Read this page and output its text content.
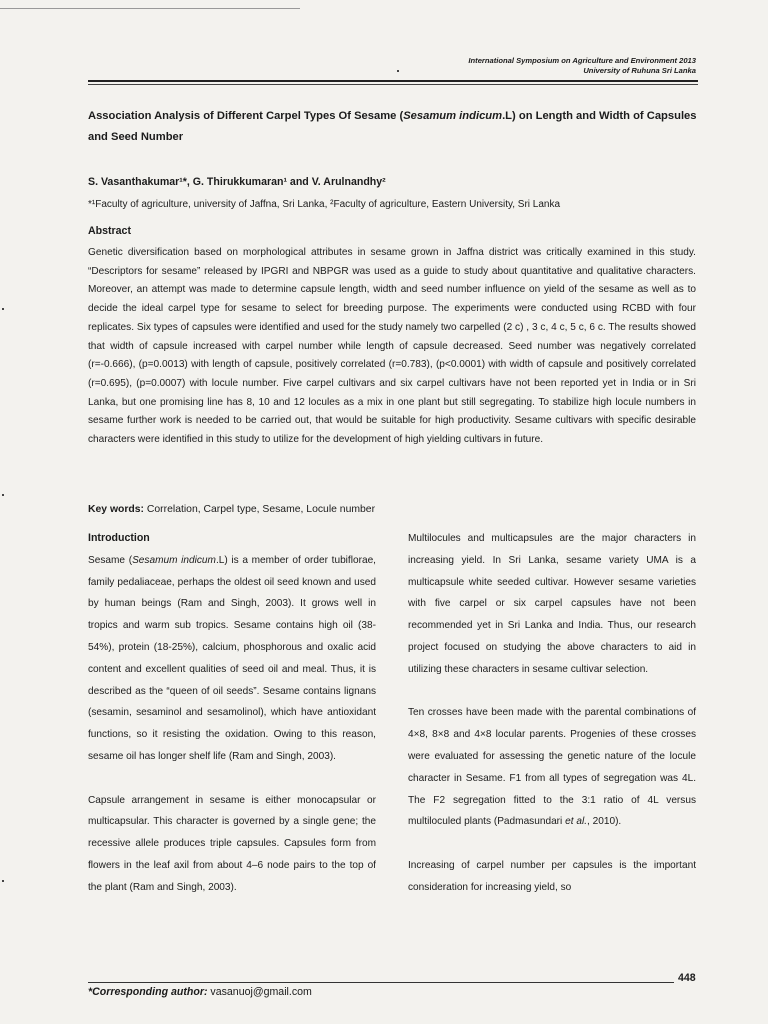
International Symposium on Agriculture and Environment 2013
University of Ruhuna Sri Lanka
Association Analysis of Different Carpel Types Of Sesame (Sesamum indicum.L) on Length and Width of Capsules and Seed Number
S. Vasanthakumar¹*, G. Thirukkumaran¹ and V. Arulnandhy²
*¹Faculty of agriculture, university of Jaffna, Sri Lanka, ²Faculty of agriculture, Eastern University, Sri Lanka
Abstract
Genetic diversification based on morphological attributes in sesame grown in Jaffna district was critically examined in this study. “Descriptors for sesame” released by IPGRI and NBPGR was used as a guide to study about quantitative and qualitative characters. Moreover, an attempt was made to determine capsule length, width and seed number influence on yield of the sesame as well as to decide the ideal carpel type for sesame to select for breeding purpose. The experiments were conducted using RCBD with four replicates. Six types of capsules were identified and used for the study namely two carpelled (2 c) , 3 c, 4 c, 5 c, 6 c. The results showed that width of capsule increased with carpel number while length of capsule decreased. Seed number was negatively correlated (r=-0.666), (p=0.0013) with length of capsule, positively correlated (r=0.783), (p<0.0001) with width of capsule and positively correlated (r=0.695), (p=0.0007) with locule number. Five carpel cultivars and six carpel cultivars have not been reported yet in India or in Sri Lanka, but one promising line has 8, 10 and 12 locules as a mix in one plant but still segregating. To stabilize high locule numbers in sesame further work is needed to be carried out, that would be suitable for high productivity. Sesame cultivars with specific desirable characters were identified in this study to utilize for the development of high yielding cultivars in future.
Key words: Correlation, Carpel type, Sesame, Locule number
Introduction

Sesame (Sesamum indicum.L) is a member of order tubiflorae, family pedaliaceae, perhaps the oldest oil seed known and used by human beings (Ram and Singh, 2003). It grows well in tropics and warm sub tropics. Sesame contains high oil (38-54%), protein (18-25%), calcium, phosphorous and oxalic acid content and excellent qualities of seed oil and meal. Thus, it is described as the “queen of oil seeds”. Sesame contains lignans (sesamin, sesaminol and sesamolinol), which have antioxidant functions, so it resisting the oxidation. Owing to this reason, sesame oil has longer shelf life (Ram and Singh, 2003).

Capsule arrangement in sesame is either monocapsular or multicapsular. This character is governed by a single gene; the recessive allele produces triple capsules. Capsules form from flowers in the leaf axil from about 4–6 node pairs to the top of the plant (Ram and Singh, 2003).

Multilocules and multicapsules are the major characters in increasing yield. In Sri Lanka, sesame variety UMA is a multicapsule white seeded cultivar. However sesame varieties with five carpel or six carpel capsules have not been recommended yet in Sri Lanka and India. Thus, our research project focused on studying the above characters to aid in utilizing these characters in sesame cultivar selection.

Ten crosses have been made with the parental combinations of 4×8, 8×8 and 4×8 locular parents. Progenies of these crosses were evaluated for assessing the genetic nature of the locule character in Sesame. F1 from all types of segregation was 4L. The F2 segregation fitted to the 3:1 ratio of 4L versus multiloculed plants (Padmasundari et al., 2010).

Increasing of carpel number per capsules is the important consideration for increasing yield, so

448
*Corresponding author: vasanuoj@gmail.com
